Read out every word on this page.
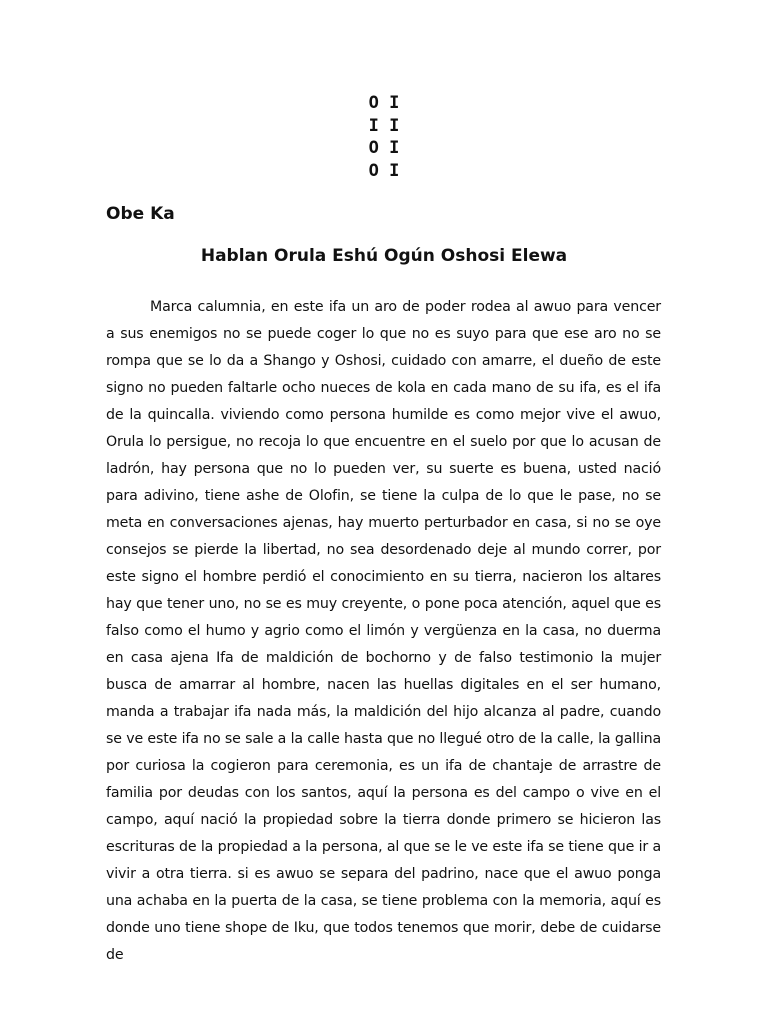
O I
I I
O I
O I
Obe Ka
Hablan Orula Eshú Ogún Oshosi Elewa

Marca calumnia, en este ifa un aro de poder rodea al awuo para vencer a sus enemigos no se puede coger lo que no es suyo para que ese aro no se rompa que se lo da a Shango y Oshosi, cuidado con amarre, el dueño de este signo no pueden faltarle ocho nueces de kola en cada mano de su ifa, es el ifa de la quincalla. viviendo como persona humilde es como mejor vive el awuo, Orula lo persigue, no recoja lo que encuentre en el suelo por que lo acusan de ladrón, hay persona que no lo pueden ver, su suerte es buena, usted nació para adivino, tiene ashe de Olofin, se tiene la culpa de lo que le pase, no se meta en conversaciones ajenas, hay muerto perturbador en casa, si no se oye consejos se pierde la libertad, no sea desordenado deje al mundo correr, por este signo el hombre perdió el conocimiento en su tierra, nacieron los altares hay que tener uno, no se es muy creyente, o pone poca atención, aquel que es falso como el humo y agrio como el limón y vergüenza en la casa, no duerma en casa ajena Ifa de maldición de bochorno y de falso testimonio la mujer busca de amarrar al hombre, nacen las huellas digitales en el ser humano, manda a trabajar ifa nada más, la maldición del hijo alcanza al padre, cuando se ve este ifa no se sale a la calle hasta que no llegué otro de la calle, la gallina por curiosa la cogieron para ceremonia, es un ifa de chantaje de arrastre de familia por deudas con los santos, aquí la persona es del campo o vive en el campo, aquí nació la propiedad sobre la tierra donde primero se hicieron las escrituras de la propiedad a la persona, al que se le ve este ifa se tiene que ir a vivir a otra tierra. si es awuo se separa del padrino, nace que el awuo ponga una achaba en la puerta de la casa, se tiene problema con la memoria, aquí es donde uno tiene shope de Iku, que todos tenemos que morir, debe de cuidarse de
